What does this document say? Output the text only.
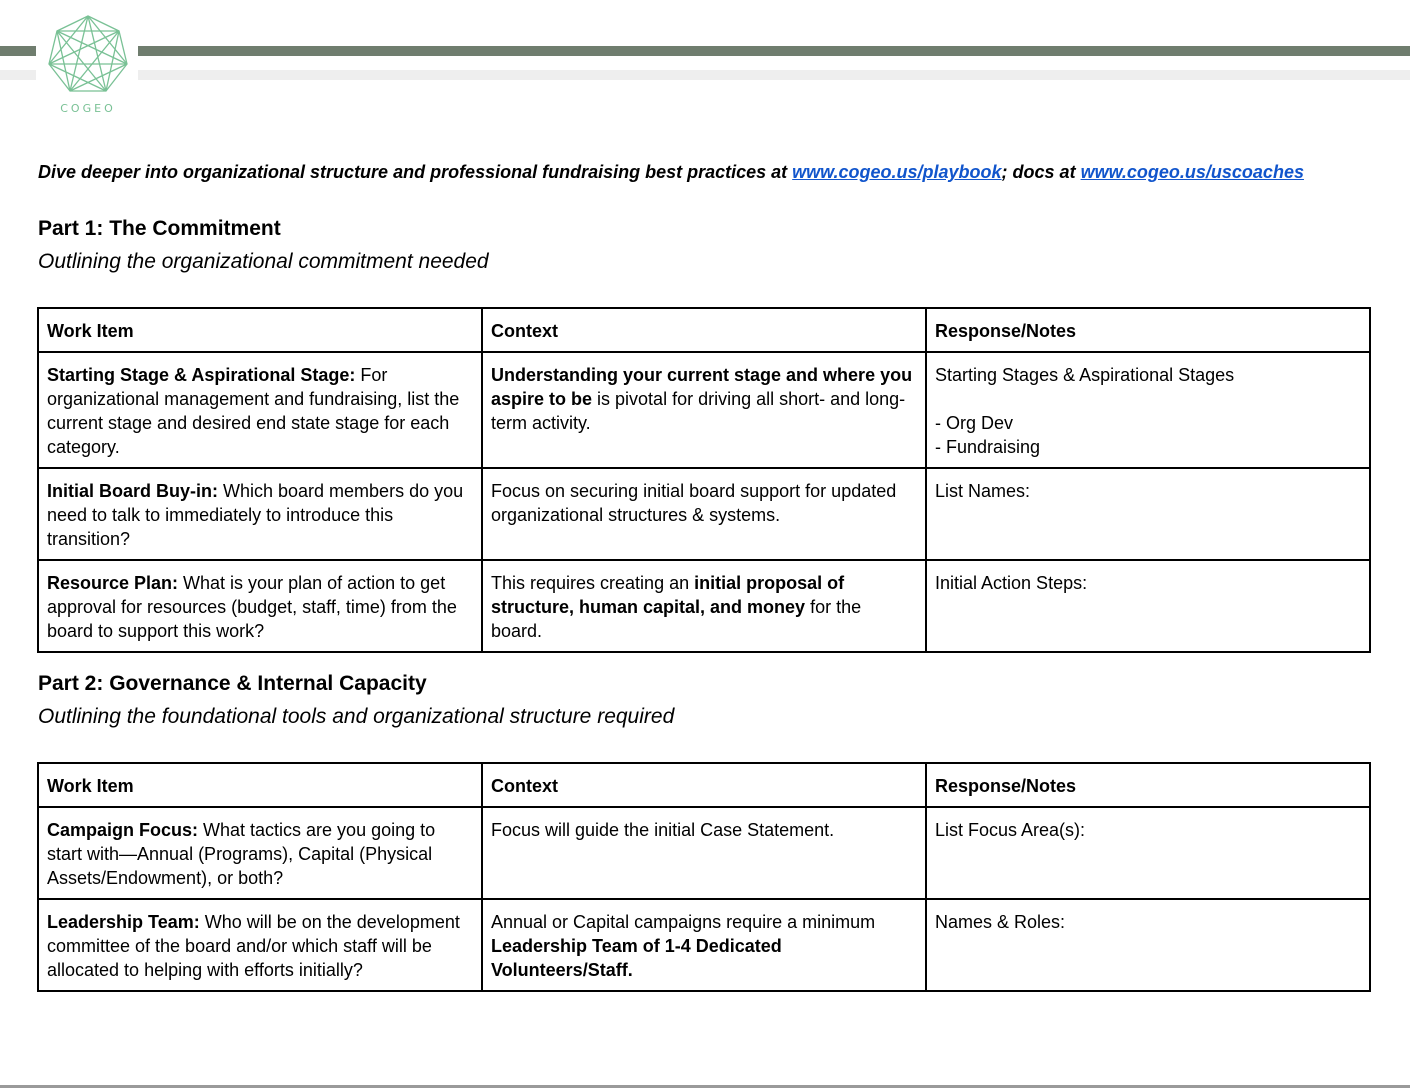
COGEO
Dive deeper into organizational structure and professional fundraising best practices at www.cogeo.us/playbook; docs at www.cogeo.us/uscoaches
Part 1: The Commitment
Outlining the organizational commitment needed
Work Item	Context	Response/Notes
Starting Stage & Aspirational Stage: For organizational management and fundraising, list the current stage and desired end state stage for each category.	Understanding your current stage and where you aspire to be is pivotal for driving all short- and long-term activity.	Starting Stages & Aspirational Stages

- Org Dev
- Fundraising
Initial Board Buy-in: Which board members do you need to talk to immediately to introduce this transition?	Focus on securing initial board support for updated organizational structures & systems.	List Names:
Resource Plan: What is your plan of action to get approval for resources (budget, staff, time) from the board to support this work?	This requires creating an initial proposal of structure, human capital, and money for the board.	Initial Action Steps:
Part 2: Governance & Internal Capacity
Outlining the foundational tools and organizational structure required
Work Item	Context	Response/Notes
Campaign Focus: What tactics are you going to start with—Annual (Programs), Capital (Physical Assets/Endowment), or both?	Focus will guide the initial Case Statement.	List Focus Area(s):
Leadership Team: Who will be on the development committee of the board and/or which staff will be allocated to helping with efforts initially?	Annual or Capital campaigns require a minimum Leadership Team of 1-4 Dedicated Volunteers/Staff.	Names & Roles:
